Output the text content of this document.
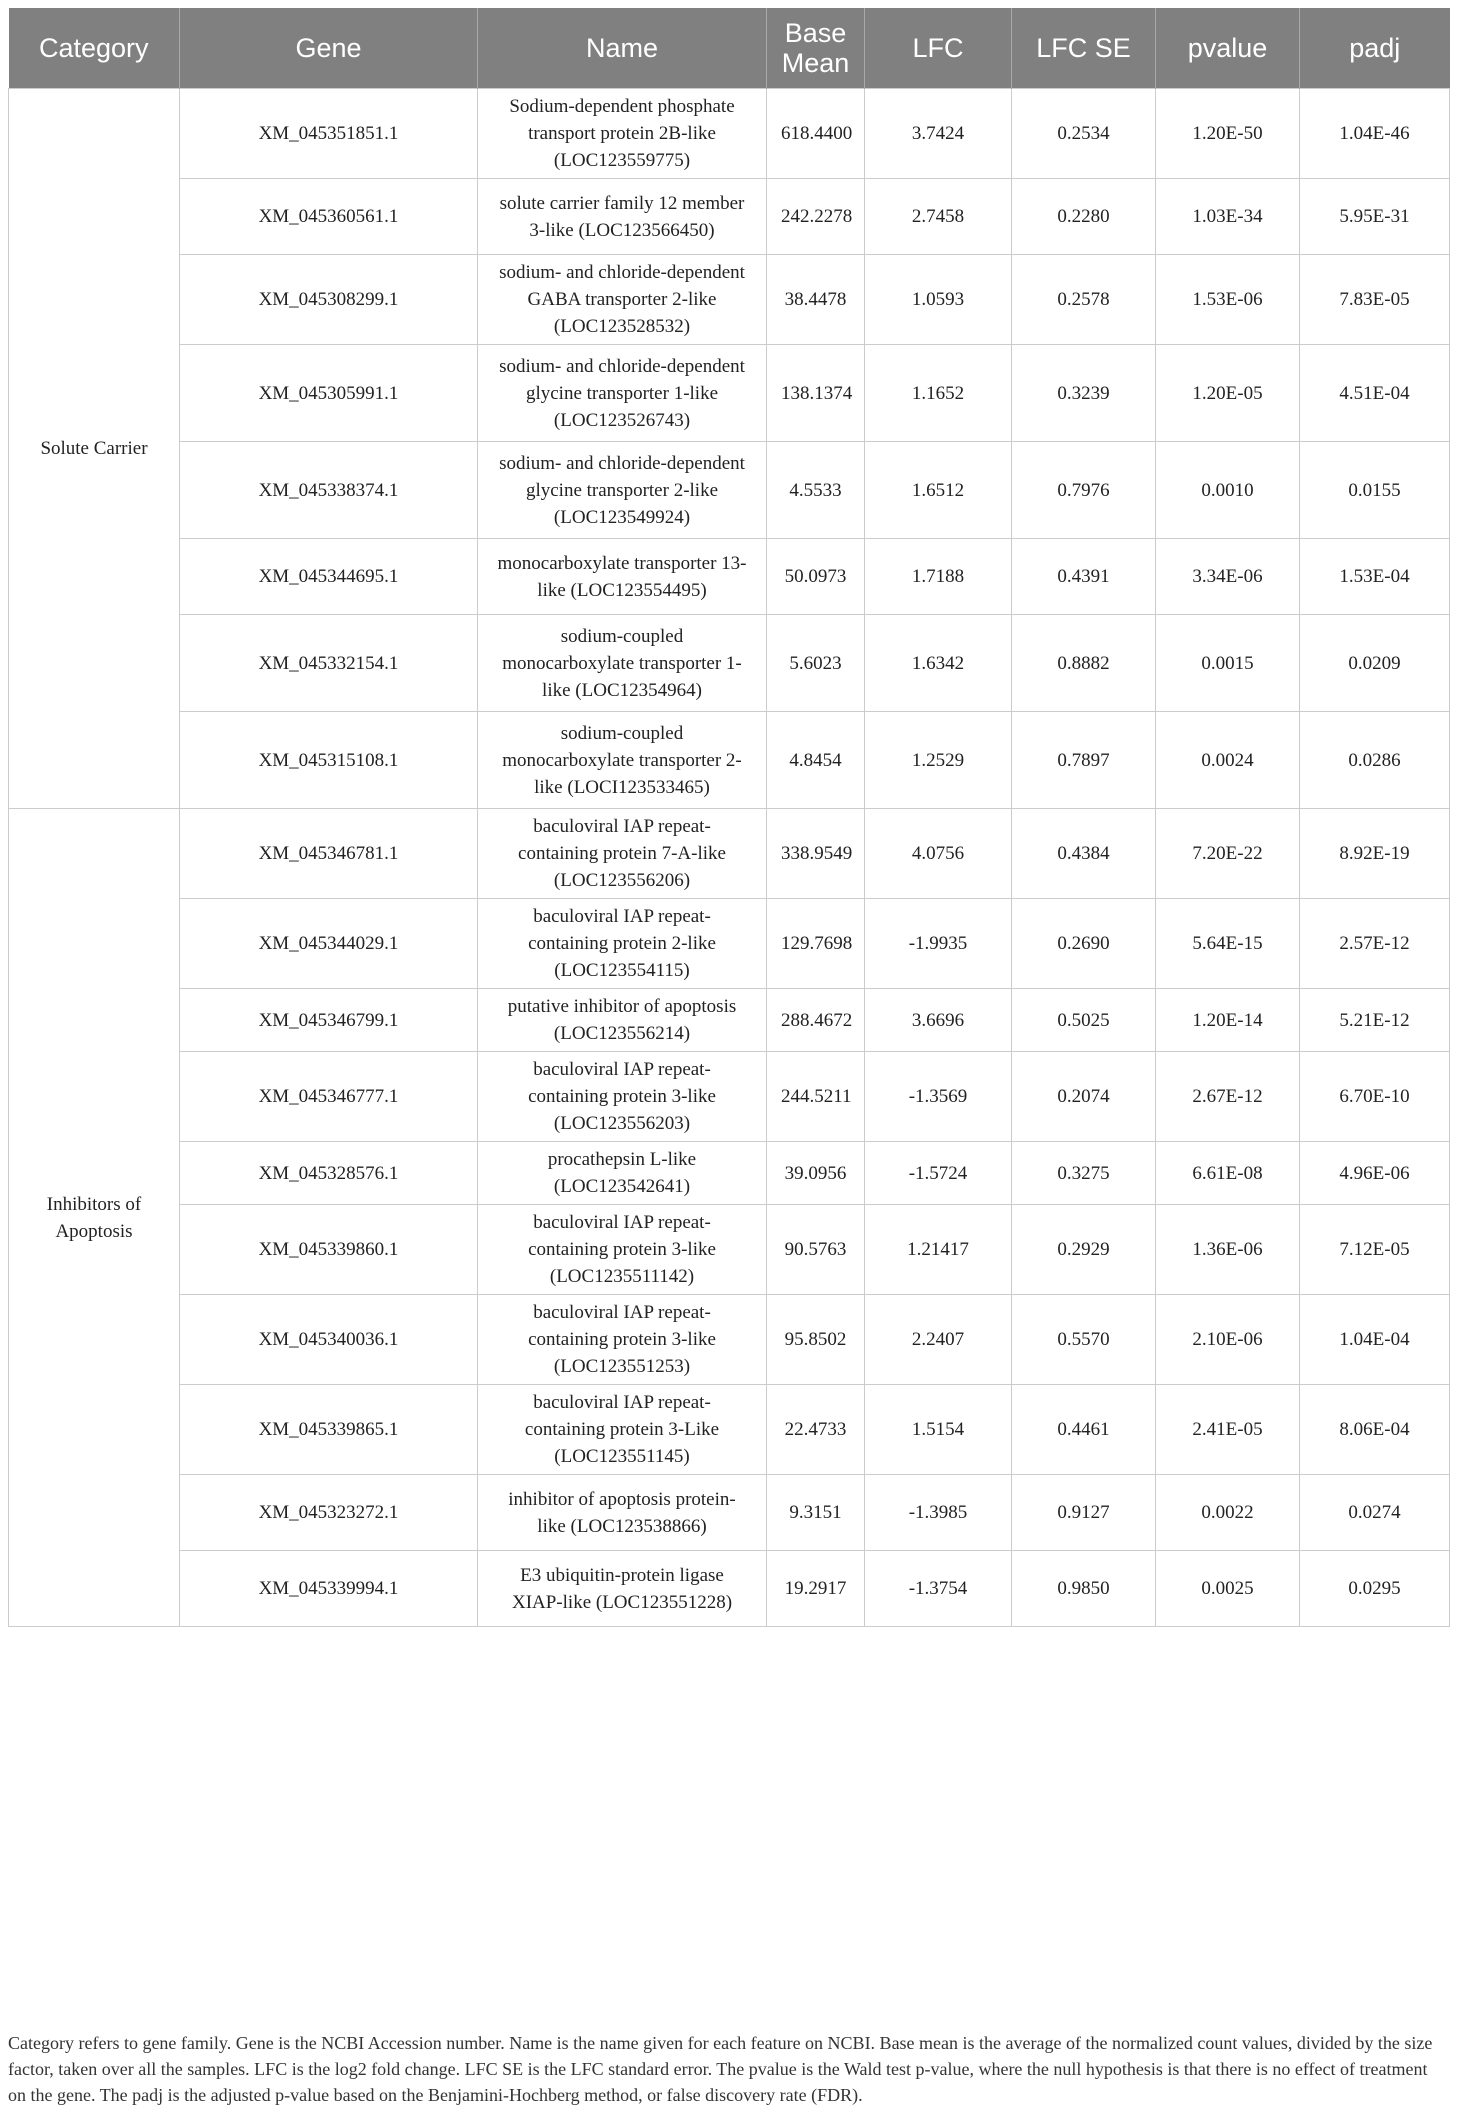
Category	Gene	Name	Base Mean	LFC	LFC SE	pvalue	padj
Solute Carrier	XM_045351851.1	Sodium-dependent phosphate transport protein 2B-like (LOC123559775)	618.4400	3.7424	0.2534	1.20E-50	1.04E-46
	XM_045360561.1	solute carrier family 12 member 3-like (LOC123566450)	242.2278	2.7458	0.2280	1.03E-34	5.95E-31
	XM_045308299.1	sodium- and chloride-dependent GABA transporter 2-like (LOC123528532)	38.4478	1.0593	0.2578	1.53E-06	7.83E-05
	XM_045305991.1	sodium- and chloride-dependent glycine transporter 1-like (LOC123526743)	138.1374	1.1652	0.3239	1.20E-05	4.51E-04
	XM_045338374.1	sodium- and chloride-dependent glycine transporter 2-like (LOC123549924)	4.5533	1.6512	0.7976	0.0010	0.0155
	XM_045344695.1	monocarboxylate transporter 13-like (LOC123554495)	50.0973	1.7188	0.4391	3.34E-06	1.53E-04
	XM_045332154.1	sodium-coupled monocarboxylate transporter 1-like (LOC12354964)	5.6023	1.6342	0.8882	0.0015	0.0209
	XM_045315108.1	sodium-coupled monocarboxylate transporter 2-like (LOCI123533465)	4.8454	1.2529	0.7897	0.0024	0.0286
Inhibitors of Apoptosis	XM_045346781.1	baculoviral IAP repeat-containing protein 7-A-like (LOC123556206)	338.9549	4.0756	0.4384	7.20E-22	8.92E-19
	XM_045344029.1	baculoviral IAP repeat-containing protein 2-like (LOC123554115)	129.7698	-1.9935	0.2690	5.64E-15	2.57E-12
	XM_045346799.1	putative inhibitor of apoptosis (LOC123556214)	288.4672	3.6696	0.5025	1.20E-14	5.21E-12
	XM_045346777.1	baculoviral IAP repeat-containing protein 3-like (LOC123556203)	244.5211	-1.3569	0.2074	2.67E-12	6.70E-10
	XM_045328576.1	procathepsin L-like (LOC123542641)	39.0956	-1.5724	0.3275	6.61E-08	4.96E-06
	XM_045339860.1	baculoviral IAP repeat-containing protein 3-like (LOC1235511142)	90.5763	1.21417	0.2929	1.36E-06	7.12E-05
	XM_045340036.1	baculoviral IAP repeat-containing protein 3-like (LOC123551253)	95.8502	2.2407	0.5570	2.10E-06	1.04E-04
	XM_045339865.1	baculoviral IAP repeat-containing protein 3-Like (LOC123551145)	22.4733	1.5154	0.4461	2.41E-05	8.06E-04
	XM_045323272.1	inhibitor of apoptosis protein-like (LOC123538866)	9.3151	-1.3985	0.9127	0.0022	0.0274
	XM_045339994.1	E3 ubiquitin-protein ligase XIAP-like (LOC123551228)	19.2917	-1.3754	0.9850	0.0025	0.0295

Category refers to gene family. Gene is the NCBI Accession number. Name is the name given for each feature on NCBI. Base mean is the average of the normalized count values, divided by the size factor, taken over all the samples. LFC is the log2 fold change. LFC SE is the LFC standard error. The pvalue is the Wald test p-value, where the null hypothesis is that there is no effect of treatment on the gene. The padj is the adjusted p-value based on the Benjamini-Hochberg method, or false discovery rate (FDR).
